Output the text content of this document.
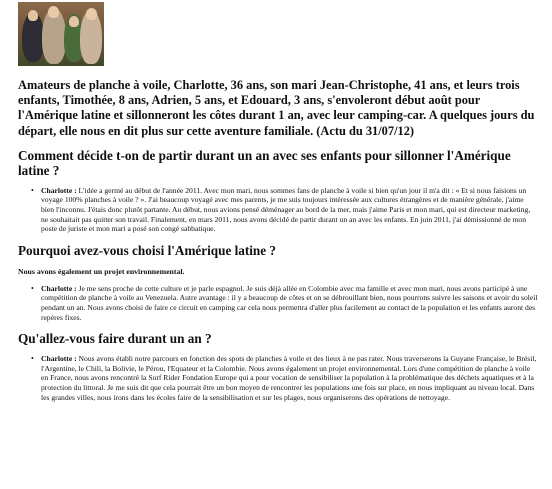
Amateurs de planche à voile, Charlotte, 36 ans, son mari Jean-Christophe, 41 ans, et leurs trois enfants, Timothée, 8 ans, Adrien, 5 ans, et Edouard, 3 ans, s'envoleront début août pour l'Amérique latine et sillonneront les côtes durant 1 an, avec leur camping-car. A quelques jours du départ, elle nous en dit plus sur cette aventure familiale. (Actu du 31/07/12)

Comment décide t-on de partir durant un an avec ses enfants pour sillonner l'Amérique latine ?
• Charlotte : L'idée a germé au début de l'année 2011. Avec mon mari, nous sommes fans de planche à voile si bien qu'un jour il m'a dit : « Et si nous faisions un voyage 100% planches à voile ? ». J'ai beaucoup voyagé avec mes parents, je me suis toujours intéressée aux cultures étrangères et de manière générale, j'aime bien l'inconnu. J'étais donc plutôt partante. Au début, nous avions pensé déménager au bord de la mer, mais j'aime Paris et mon mari, qui est directeur marketing, ne souhaitait pas quitter son travail. Finalement, en mars 2011, nous avons décidé de partir durant un an avec les enfants. En juin 2011, j'ai démissionné de mon poste de juriste et mon mari a posé son congé sabbatique.
Pourquoi avez-vous choisi l'Amérique latine ?

Nous avons également un projet environnemental.

• Charlotte : Je me sens proche de cette culture et je parle espagnol. Je suis déjà allée en Colombie avec ma famille et avec mon mari, nous avons participé à une compétition de planche à voile au Venezuela. Autre avantage : il y a beaucoup de côtes et on se débrouillant bien, nous pourrons suivre les saisons et avoir du soleil pendant un an. Nous avons choisi de faire ce circuit en camping car cela nous permettra d'aller plus facilement au contact de la population et les enfants auront des repères fixes.
Qu'allez-vous faire durant un an ?
• Charlotte : Nous avons établi notre parcours en fonction des spots de planches à voile et des lieux à ne pas rater. Nous traverserons la Guyane Française, le Brésil, l'Argentine, le Chili, la Bolivie, le Pérou, l'Equateur et la Colombie. Nous avons également un projet environnemental. Lors d'une compétition de planche à voile en France, nous avons rencontré la Surf Rider Fondation Europe qui a pour vocation de sensibiliser la population à la problématique des déchets aquatiques et à la protection du littoral. Je me suis dit que cela pourrait être un bon moyen de rencontrer les populations une fois sur place, en nous impliquant au niveau local. Dans les grandes villes, nous irons dans les écoles faire de la sensibilisation et sur les plages, nous organiserons des opérations de nettoyage.
